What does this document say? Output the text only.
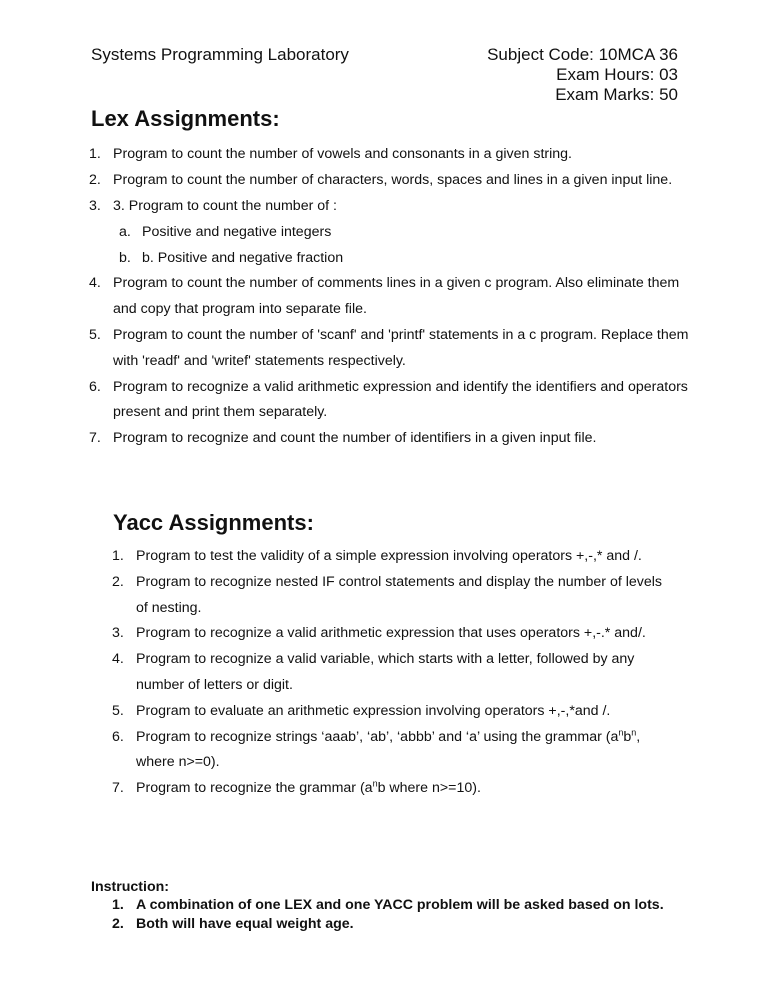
Systems Programming Laboratory	Subject Code: 10MCA 36
Exam Hours: 03
Exam Marks: 50
Lex Assignments:
1. Program to count the number of vowels and consonants in a given string.
2. Program to count the number of characters, words, spaces and lines in a given input line.
3. 3. Program to count the number of :
a. Positive and negative integers
b. b. Positive and negative fraction
4. Program to count the number of comments lines in a given c program. Also eliminate them and copy that program into separate file.
5. Program to count the number of 'scanf' and 'printf' statements in a c program. Replace them with 'readf' and 'writef' statements respectively.
6. Program to recognize a valid arithmetic expression and identify the identifiers and operators present and print them separately.
7. Program to recognize and count the number of identifiers in a given input file.
Yacc Assignments:
1. Program to test the validity of a simple expression involving operators +,-,* and /.
2. Program to recognize nested IF control statements and display the number of levels of nesting.
3. Program to recognize a valid arithmetic expression that uses operators +,-.* and/.
4. Program to recognize a valid variable, which starts with a letter, followed by any number of letters or digit.
5. Program to evaluate an arithmetic expression involving operators +,-,*and /.
6. Program to recognize strings ‘aaab’, ‘ab’, ‘abbb’ and ‘a’ using the grammar ($a^nb^n$, where n>=0).
7. Program to recognize the grammar ($a^nb$ where n>=10).
Instruction:
1. A combination of one LEX and one YACC problem will be asked based on lots.
2. Both will have equal weight age.
